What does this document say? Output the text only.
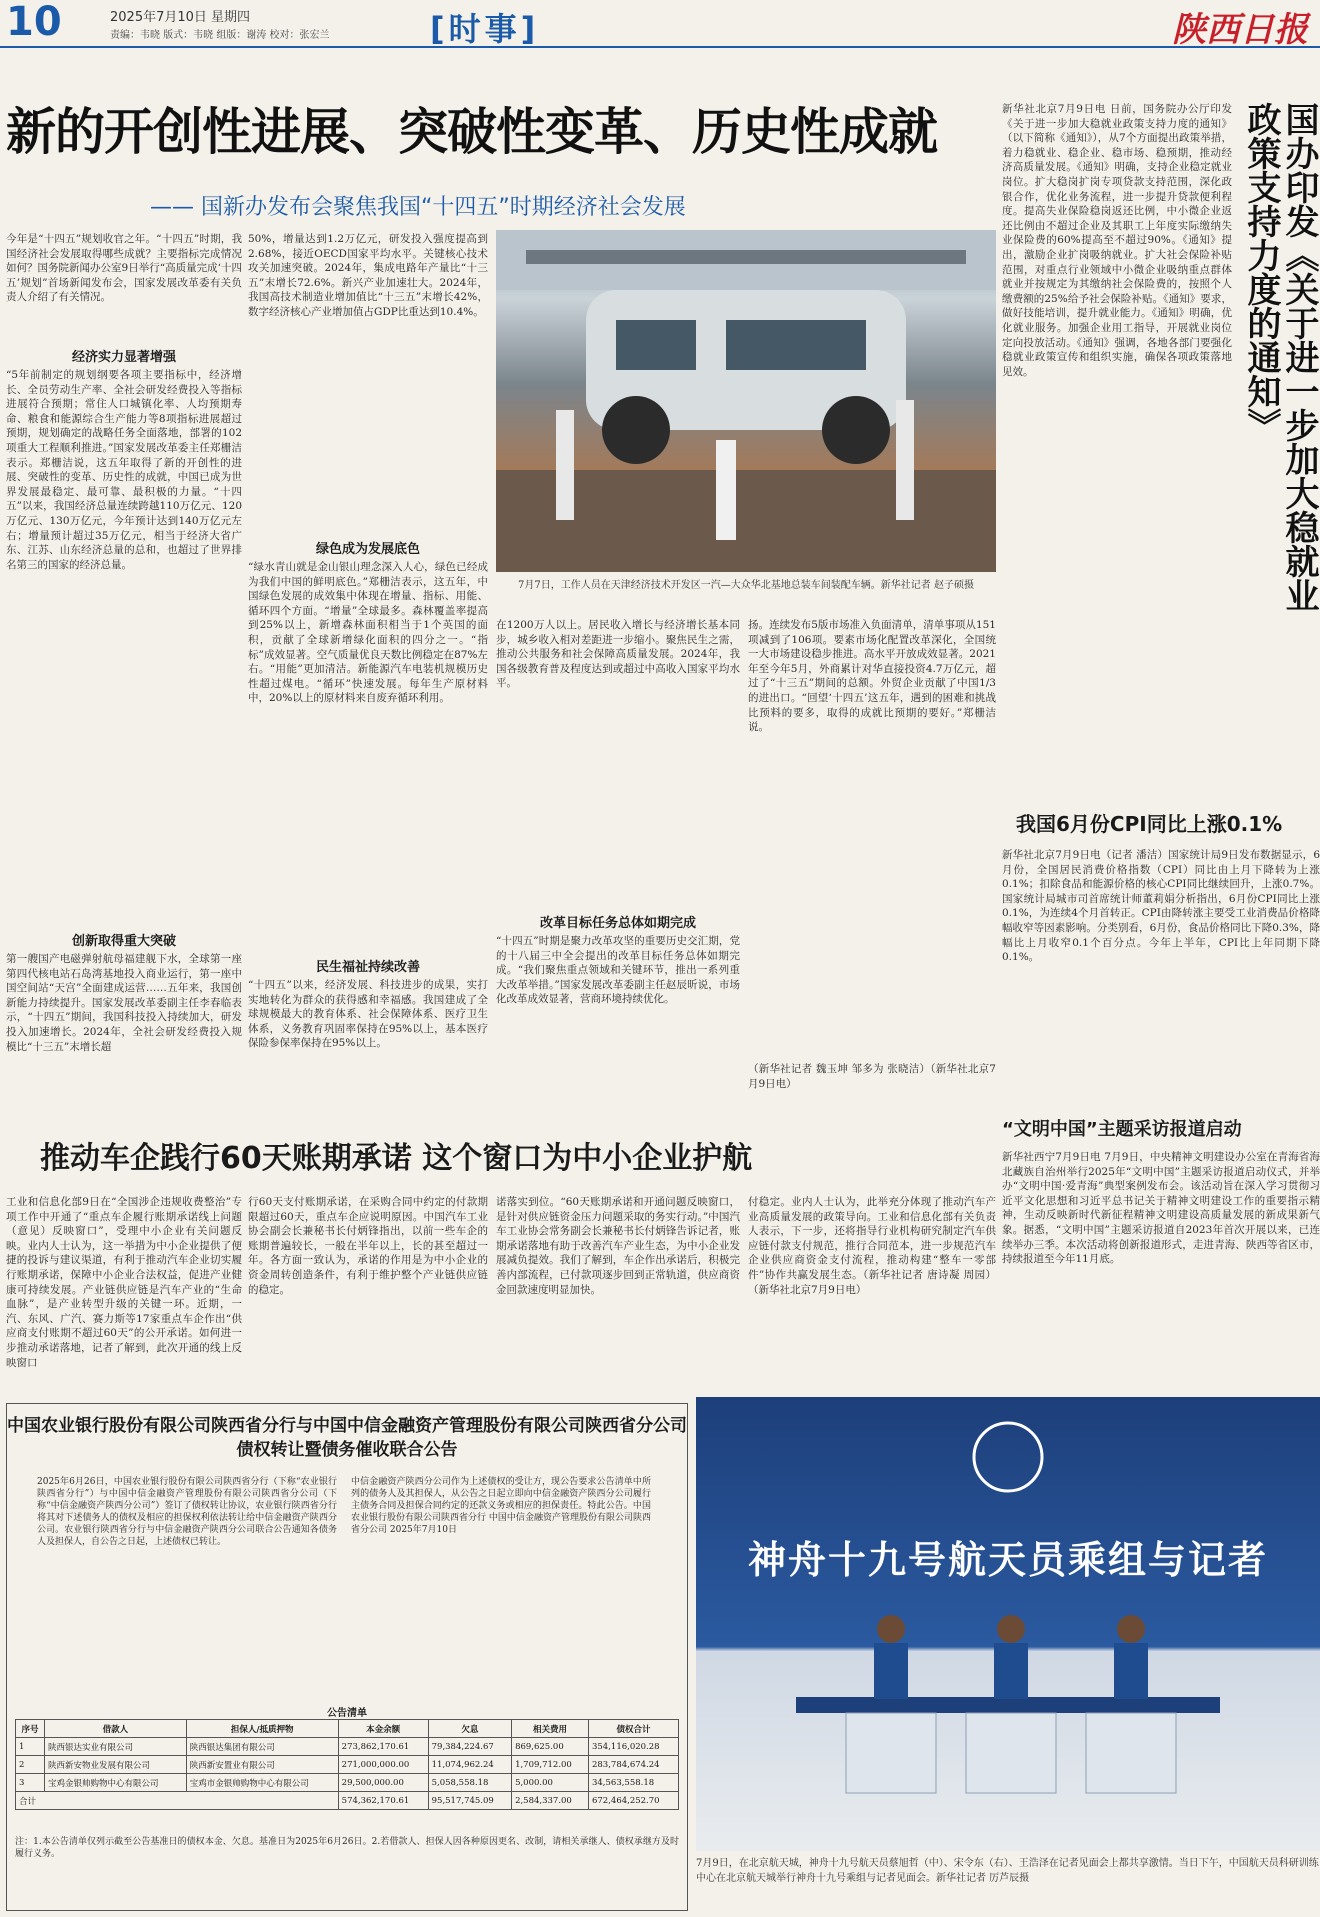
10	2025年7月10日 星期四
责编：韦晓 版式：韦晓 组版：谢涛 校对：张宏兰	[时事]	陕西日报
新的开创性进展、突破性变革、历史性成就
—— 国新办发布会聚焦我国“十四五”时期经济社会发展
今年是“十四五”规划收官之年。“十四五”时期，我国经济社会发展取得哪些成就？主要指标完成情况如何？国务院新闻办公室9日举行“高质量完成‘十四五’规划”首场新闻发布会，国家发展改革委有关负责人介绍了有关情况。
经济实力显著增强
“5年前制定的规划纲要各项主要指标中，经济增长、全员劳动生产率、全社会研发经费投入等指标进展符合预期；常住人口城镇化率、人均预期寿命、粮食和能源综合生产能力等8项指标进展超过预期，规划确定的战略任务全面落地，部署的102项重大工程顺利推进。”国家发展改革委主任郑栅洁表示。郑栅洁说，这五年取得了新的开创性的进展、突破性的变革、历史性的成就，中国已成为世界发展最稳定、最可靠、最积极的力量。“十四五”以来，我国经济总量连续跨越110万亿元、120万亿元、130万亿元，今年预计达到140万亿元左右；增量预计超过35万亿元，相当于经济大省广东、江苏、山东经济总量的总和，也超过了世界排名第三的国家的经济总量。
创新取得重大突破
第一艘国产电磁弹射航母福建舰下水，全球第一座第四代核电站石岛湾基地投入商业运行，第一座中国空间站“天宫”全面建成运营……五年来，我国创新能力持续提升。国家发展改革委副主任李春临表示，“十四五”期间，我国科技投入持续加大，研发投入加速增长。2024年，全社会研发经费投入规模比“十三五”末增长超
50%，增量达到1.2万亿元，研发投入强度提高到2.68%，接近OECD国家平均水平。关键核心技术攻关加速突破。2024年，集成电路年产量比“十三五”末增长72.6%。新兴产业加速壮大。2024年，我国高技术制造业增加值比“十三五”末增长42%，数字经济核心产业增加值占GDP比重达到10.4%。
绿色成为发展底色
“绿水青山就是金山银山理念深入人心，绿色已经成为我们中国的鲜明底色。”郑栅洁表示，这五年，中国绿色发展的成效集中体现在增量、指标、用能、循环四个方面。“增量”全球最多。森林覆盖率提高到25%以上，新增森林面积相当于1个英国的面积，贡献了全球新增绿化面积的四分之一。“指标”成效显著。空气质量优良天数比例稳定在87%左右。“用能”更加清洁。新能源汽车电装机规模历史性超过煤电。“循环”快速发展。每年生产原材料中，20%以上的原材料来自废弃循环利用。
民生福祉持续改善
“十四五”以来，经济发展、科技进步的成果，实打实地转化为群众的获得感和幸福感。我国建成了全球规模最大的教育体系、社会保障体系、医疗卫生体系，义务教育巩固率保持在95%以上，基本医疗保险参保率保持在95%以上。
7月7日，工作人员在天津经济技术开发区一汽—大众华北基地总装车间装配车辆。新华社记者 赵子硕摄
在1200万人以上。居民收入增长与经济增长基本同步，城乡收入相对差距进一步缩小。聚焦民生之需，推动公共服务和社会保障高质量发展。2024年，我国各级教育普及程度达到或超过中高收入国家平均水平。
改革目标任务总体如期完成
“十四五”时期是聚力改革攻坚的重要历史交汇期，党的十八届三中全会提出的改革目标任务总体如期完成。“我们聚焦重点领域和关键环节，推出一系列重大改革举措。”国家发展改革委副主任赵辰昕说，市场化改革成效显著，营商环境持续优化。
扬。连续发布5版市场准入负面清单，清单事项从151项减到了106项。要素市场化配置改革深化，全国统一大市场建设稳步推进。高水平开放成效显著。2021年至今年5月，外商累计对华直接投资4.7万亿元，超过了“十三五”期间的总额。外贸企业贡献了中国1/3的进出口。“回望‘十四五’这五年，遇到的困难和挑战比预料的要多，取得的成就比预期的要好。”郑栅洁说。
（新华社记者 魏玉坤 邹多为 张晓洁）（新华社北京7月9日电）
国办印发《关于进一步加大稳就业政策支持力度的通知》
新华社北京7月9日电 日前，国务院办公厅印发《关于进一步加大稳就业政策支持力度的通知》（以下简称《通知》），从7个方面提出政策举措，着力稳就业、稳企业、稳市场、稳预期，推动经济高质量发展。《通知》明确，支持企业稳定就业岗位。扩大稳岗扩岗专项贷款支持范围，深化政银合作，优化业务流程，进一步提升贷款便利程度。提高失业保险稳岗返还比例，中小微企业返还比例由不超过企业及其职工上年度实际缴纳失业保险费的60%提高至不超过90%。《通知》提出，激励企业扩岗吸纳就业。扩大社会保险补贴范围，对重点行业领域中小微企业吸纳重点群体就业并按规定为其缴纳社会保险费的，按照个人缴费额的25%给予社会保险补贴。《通知》要求，做好技能培训，提升就业能力。《通知》明确，优化就业服务。加强企业用工指导，开展就业岗位定向投放活动。《通知》强调，各地各部门要强化稳就业政策宣传和组织实施，确保各项政策落地见效。
我国6月份CPI同比上涨0.1%
新华社北京7月9日电（记者 潘洁）国家统计局9日发布数据显示，6月份，全国居民消费价格指数（CPI）同比由上月下降转为上涨0.1%；扣除食品和能源价格的核心CPI同比继续回升，上涨0.7%。国家统计局城市司首席统计师董莉娟分析指出，6月份CPI同比上涨0.1%，为连续4个月首转正。CPI由降转涨主要受工业消费品价格降幅收窄等因素影响。分类别看，6月份，食品价格同比下降0.3%，降幅比上月收窄0.1个百分点。今年上半年，CPI比上年同期下降0.1%。
“文明中国”主题采访报道启动
新华社西宁7月9日电 7月9日，中央精神文明建设办公室在青海省海北藏族自治州举行2025年“文明中国”主题采访报道启动仪式，并举办“文明中国·爱青海”典型案例发布会。该活动旨在深入学习贯彻习近平文化思想和习近平总书记关于精神文明建设工作的重要指示精神，生动反映新时代新征程精神文明建设高质量发展的新成果新气象。据悉，“文明中国”主题采访报道自2023年首次开展以来，已连续举办三季。本次活动将创新报道形式，走进青海、陕西等省区市，持续报道至今年11月底。
推动车企践行60天账期承诺 这个窗口为中小企业护航
工业和信息化部9日在“全国涉企违规收费整治”专项工作中开通了“重点车企履行账期承诺线上问题（意见）反映窗口”，受理中小企业有关问题反映。业内人士认为，这一举措为中小企业提供了便捷的投诉与建议渠道，有利于推动汽车企业切实履行账期承诺，保障中小企业合法权益，促进产业健康可持续发展。产业链供应链是汽车产业的“生命血脉”，是产业转型升级的关键一环。近期，一汽、东风、广汽、赛力斯等17家重点车企作出“供应商支付账期不超过60天”的公开承诺。如何进一步推动承诺落地，记者了解到，此次开通的线上反映窗口
行60天支付账期承诺，在采购合同中约定的付款期限超过60天，重点车企应说明原因。中国汽车工业协会副会长兼秘书长付炳锋指出，以前一些车企的账期普遍较长，一般在半年以上，长的甚至超过一年。各方面一致认为，承诺的作用是为中小企业的资金周转创造条件，有利于维护整个产业链供应链的稳定。
诺落实到位。“60天账期承诺和开通问题反映窗口，是针对供应链资金压力问题采取的务实行动。”中国汽车工业协会常务副会长兼秘书长付炳锋告诉记者，账期承诺落地有助于改善汽车产业生态，为中小企业发展减负提效。我们了解到，车企作出承诺后，积极完善内部流程，已付款项逐步回到正常轨道，供应商资金回款速度明显加快。
付稳定。业内人士认为，此举充分体现了推动汽车产业高质量发展的政策导向。工业和信息化部有关负责人表示，下一步，还将指导行业机构研究制定汽车供应链付款支付规范，推行合同范本，进一步规范汽车企业供应商资金支付流程，推动构建“整车一零部件”协作共赢发展生态。（新华社记者 唐诗凝 周园）（新华社北京7月9日电）
中国农业银行股份有限公司陕西省分行与中国中信金融资产管理股份有限公司陕西省分公司债权转让暨债务催收联合公告
2025年6月26日，中国农业银行股份有限公司陕西省分行（下称“农业银行陕西省分行”）与中国中信金融资产管理股份有限公司陕西省分公司（下称“中信金融资产陕西分公司”）签订了债权转让协议，农业银行陕西省分行将其对下述债务人的债权及相应的担保权利依法转让给中信金融资产陕西分公司。农业银行陕西省分行与中信金融资产陕西分公司联合公告通知各债务人及担保人，自公告之日起，上述债权已转让。
中信金融资产陕西分公司作为上述债权的受让方，现公告要求公告清单中所列的债务人及其担保人，从公告之日起立即向中信金融资产陕西分公司履行主债务合同及担保合同约定的还款义务或相应的担保责任。特此公告。中国农业银行股份有限公司陕西省分行 中国中信金融资产管理股份有限公司陕西省分公司 2025年7月10日
公告清单
序号	借款人	担保人/抵质押物	本金余额	欠息	相关费用	债权合计
1	陕西银达实业有限公司	陕西银达集团有限公司	273,862,170.61	79,384,224.67	869,625.00	354,116,020.28
2	陕西新安物业发展有限公司	陕西新安置业有限公司	271,000,000.00	11,074,962.24	1,709,712.00	283,784,674.24
3	宝鸡金银帅购物中心有限公司	宝鸡市金银帅购物中心有限公司	29,500,000.00	5,058,558.18	5,000.00	34,563,558.18
合计			574,362,170.61	95,517,745.09	2,584,337.00	672,464,252.70
注：1.本公告清单仅列示截至公告基准日的债权本金、欠息。基准日为2025年6月26日。2.若借款人、担保人因各种原因更名、改制，请相关承继人、债权承继方及时履行义务。
神舟十九号航天员乘组与记者
7月9日，在北京航天城，神舟十九号航天员蔡旭哲（中）、宋令东（右）、王浩泽在记者见面会上都共享激情。当日下午，中国航天员科研训练中心在北京航天城举行神舟十九号乘组与记者见面会。新华社记者 厉芦辰摄
